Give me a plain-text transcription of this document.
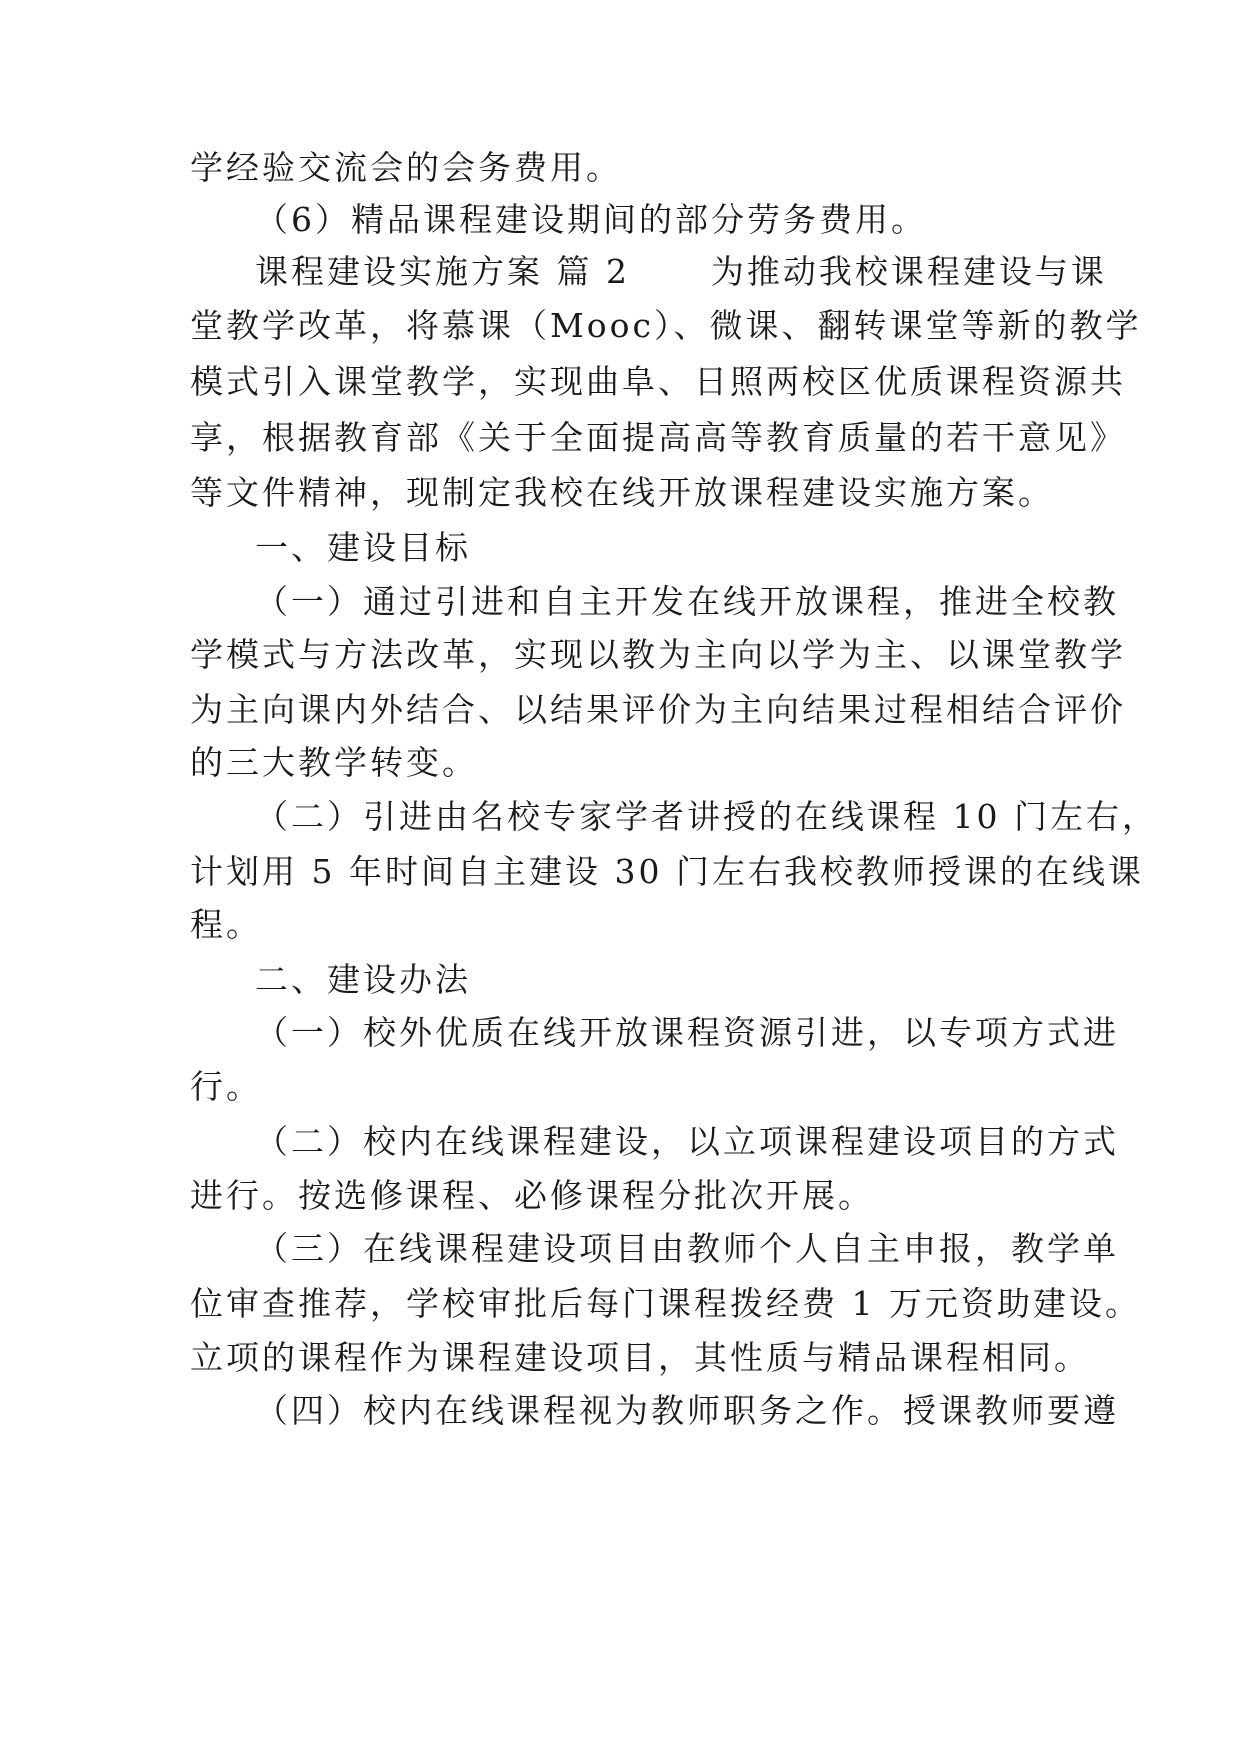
学经验交流会的会务费用。
（6）精品课程建设期间的部分劳务费用。
课程建设实施方案 篇 2      为推动我校课程建设与课
堂教学改革，将慕课（Mooc）、微课、翻转课堂等新的教学
模式引入课堂教学，实现曲阜、日照两校区优质课程资源共
享，根据教育部《关于全面提高高等教育质量的若干意见》
等文件精神，现制定我校在线开放课程建设实施方案。
一、建设目标
（一）通过引进和自主开发在线开放课程，推进全校教
学模式与方法改革，实现以教为主向以学为主、以课堂教学
为主向课内外结合、以结果评价为主向结果过程相结合评价
的三大教学转变。
（二）引进由名校专家学者讲授的在线课程 10 门左右，
计划用 5 年时间自主建设 30 门左右我校教师授课的在线课
程。
二、建设办法
（一）校外优质在线开放课程资源引进，以专项方式进
行。
（二）校内在线课程建设，以立项课程建设项目的方式
进行。按选修课程、必修课程分批次开展。
（三）在线课程建设项目由教师个人自主申报，教学单
位审查推荐，学校审批后每门课程拨经费 1 万元资助建设。
立项的课程作为课程建设项目，其性质与精品课程相同。
（四）校内在线课程视为教师职务之作。授课教师要遵
